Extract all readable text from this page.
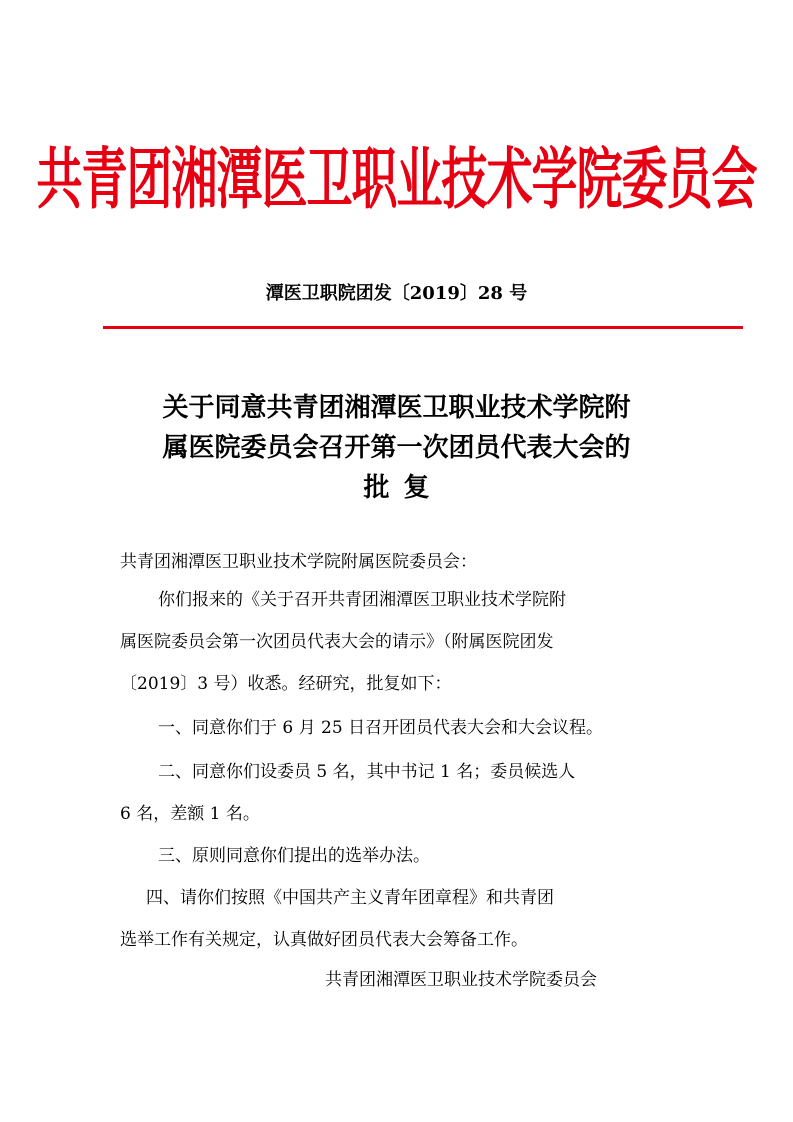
共青团湘潭医卫职业技术学院委员会
潭医卫职院团发〔2019〕28 号
关于同意共青团湘潭医卫职业技术学院附
属医院委员会召开第一次团员代表大会的
批复
共青团湘潭医卫职业技术学院附属医院委员会：
你们报来的《关于召开共青团湘潭医卫职业技术学院附
属医院委员会第一次团员代表大会的请示》（附属医院团发
〔2019〕3 号）收悉。经研究，批复如下：
一、同意你们于 6 月 25 日召开团员代表大会和大会议程。
二、同意你们设委员 5 名，其中书记 1 名；委员候选人
6 名，差额 1 名。
三、原则同意你们提出的选举办法。
四、请你们按照《中国共产主义青年团章程》和共青团
选举工作有关规定，认真做好团员代表大会筹备工作。
共青团湘潭医卫职业技术学院委员会
